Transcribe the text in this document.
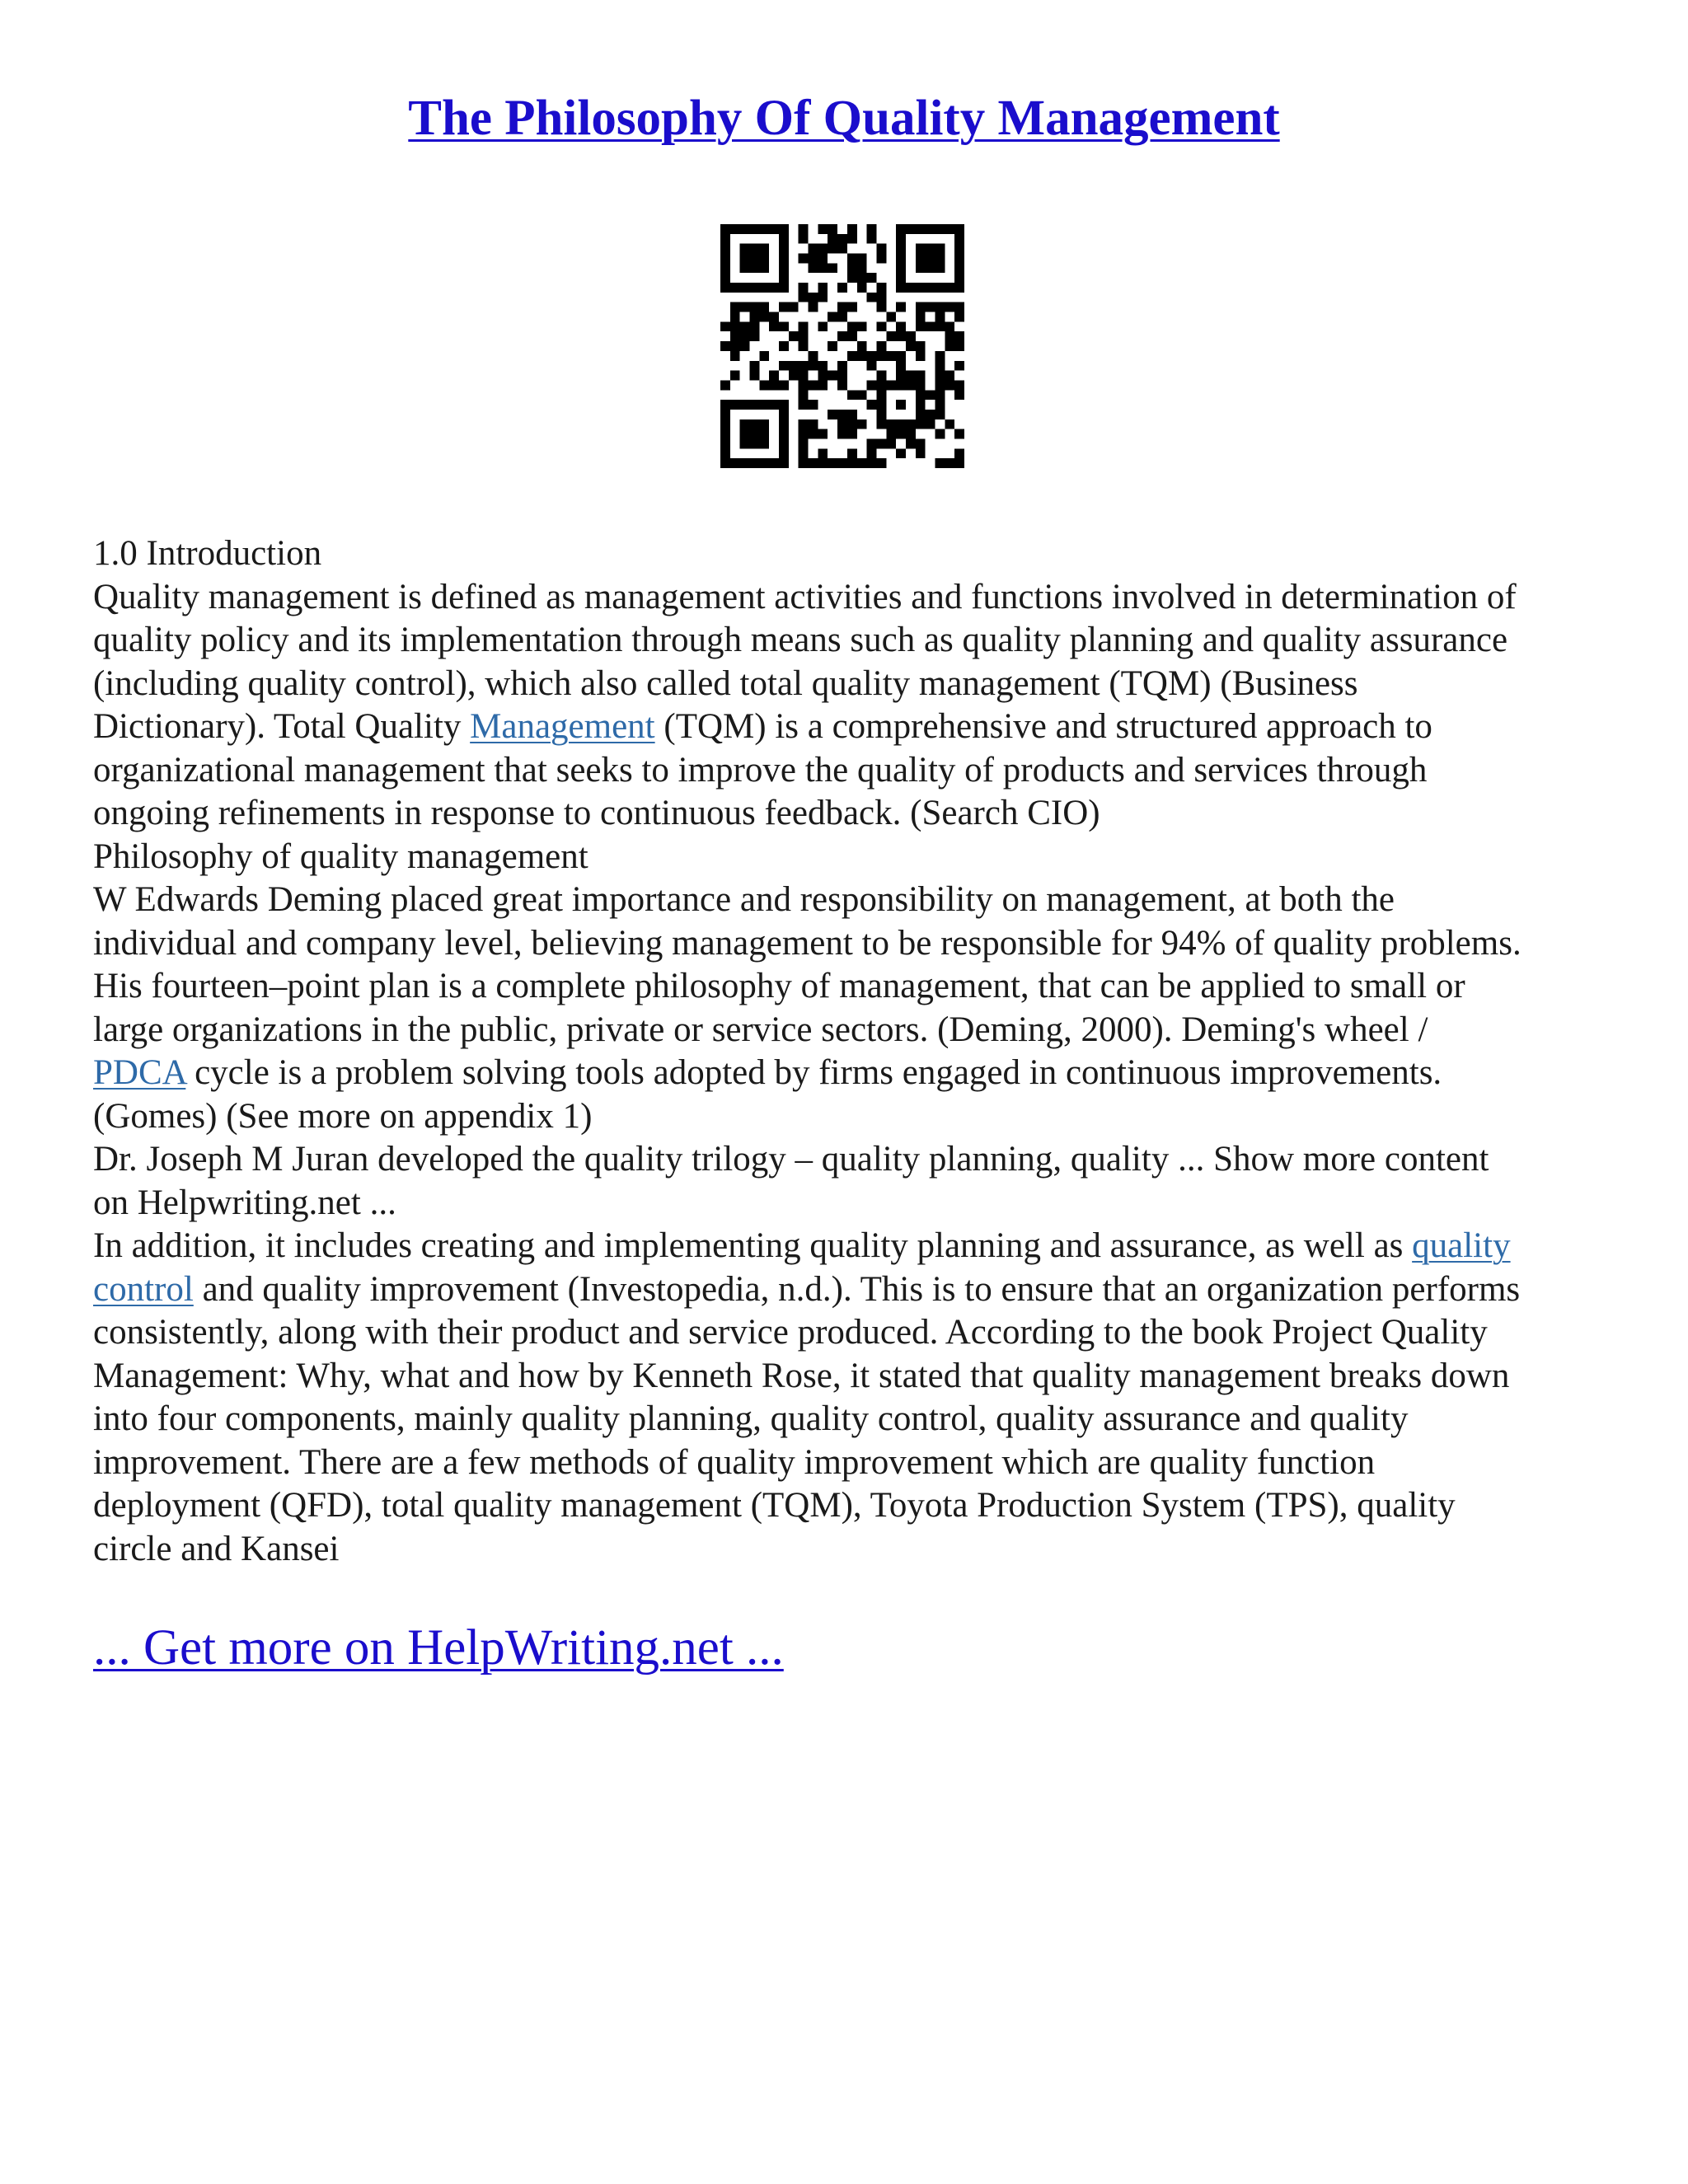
The Philosophy Of Quality Management
1.0 Introduction
Quality management is defined as management activities and functions involved in determination of
quality policy and its implementation through means such as quality planning and quality assurance
(including quality control), which also called total quality management (TQM) (Business
Dictionary). Total Quality Management (TQM) is a comprehensive and structured approach to
organizational management that seeks to improve the quality of products and services through
ongoing refinements in response to continuous feedback. (Search CIO)
Philosophy of quality management
W Edwards Deming placed great importance and responsibility on management, at both the
individual and company level, believing management to be responsible for 94% of quality problems.
His fourteen–point plan is a complete philosophy of management, that can be applied to small or
large organizations in the public, private or service sectors. (Deming, 2000). Deming's wheel /
PDCA cycle is a problem solving tools adopted by firms engaged in continuous improvements.
(Gomes) (See more on appendix 1)
Dr. Joseph M Juran developed the quality trilogy – quality planning, quality ... Show more content
on Helpwriting.net ...
In addition, it includes creating and implementing quality planning and assurance, as well as quality
control and quality improvement (Investopedia, n.d.). This is to ensure that an organization performs
consistently, along with their product and service produced. According to the book Project Quality
Management: Why, what and how by Kenneth Rose, it stated that quality management breaks down
into four components, mainly quality planning, quality control, quality assurance and quality
improvement. There are a few methods of quality improvement which are quality function
deployment (QFD), total quality management (TQM), Toyota Production System (TPS), quality
circle and Kansei
... Get more on HelpWriting.net ...
